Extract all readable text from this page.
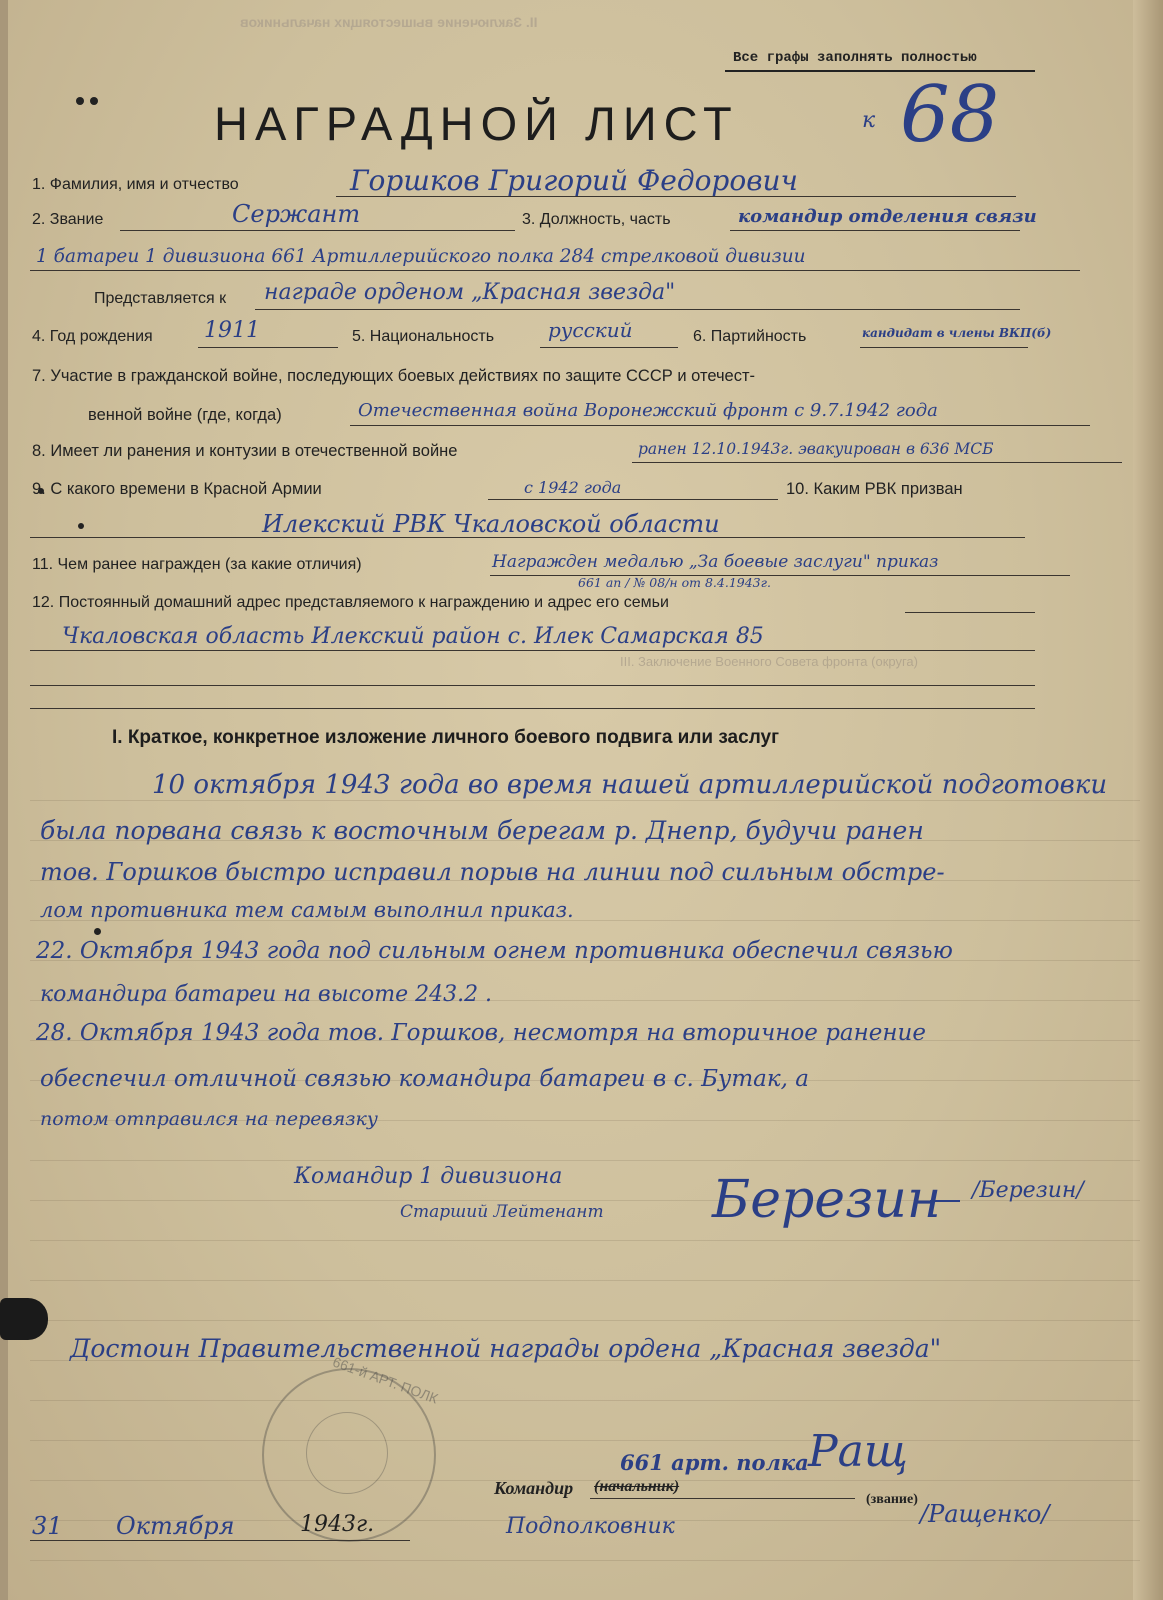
II. Заключение вышестоящих начальников
Все графы заполнять полностью
НАГРАДНОЙ ЛИСТ	к 68
1. Фамилия, имя и отчество	Горшков Григорий Федорович
2. Звание	Сержант	3. Должность, часть	командир отделения связи
1 батареи 1 дивизиона 661 Артиллерийского полка 284 стрелковой дивизии
Представляется к награде орденом „Красная звезда"
4. Год рождения 1911	5. Национальность	русский	6. Партийность	кандидат в члены ВКП(б)
7. Участие в гражданской войне, последующих боевых действиях по защите СССР и отечест-
венной войне (где, когда)	Отечественная война Воронежский фронт с 9.7.1942 года
8. Имеет ли ранения и контузии в отечественной войне	ранен 12.10.1943г. эвакуирован в 636 МСБ
9. С какого времени в Красной Армии	с 1942 года	10. Каким РВК призван
Илекский РВК Чкаловской области
11. Чем ранее награжден (за какие отличия)	Награжден медалью „За боевые заслуги" приказ
661 ап / № 08/н от 8.4.1943г.
12. Постоянный домашний адрес представляемого к награждению и адрес его семьи
Чкаловская область Илекский район с. Илек Самарская 85
III. Заключение Военного Совета фронта (округа)
I. Краткое, конкретное изложение личного боевого подвига или заслуг
10 октября 1943 года во время нашей артиллерийской подготовки
была порвана связь к восточным берегам р. Днепр, будучи ранен
тов. Горшков быстро исправил порыв на линии под сильным обстре-
лом противника тем самым выполнил приказ.
22. Октября 1943 года под сильным огнем противника обеспечил связью
командира батареи на высоте 243.2 .
28. Октября 1943 года тов. Горшков, несмотря на вторичное ранение
обеспечил отличной связью командира батареи в с. Бутак, а
потом отправился на перевязку
Командир 1 дивизиона
Старший Лейтенант Березин /Березин/
Достоин Правительственной награды ордена „Красная звезда"
661-й АРТ. ПОЛК
Командир (начальник)
661 арт. полка
(звание)
Подполковник
Ращ
/Ращенко/
31 Октября	1943г.
